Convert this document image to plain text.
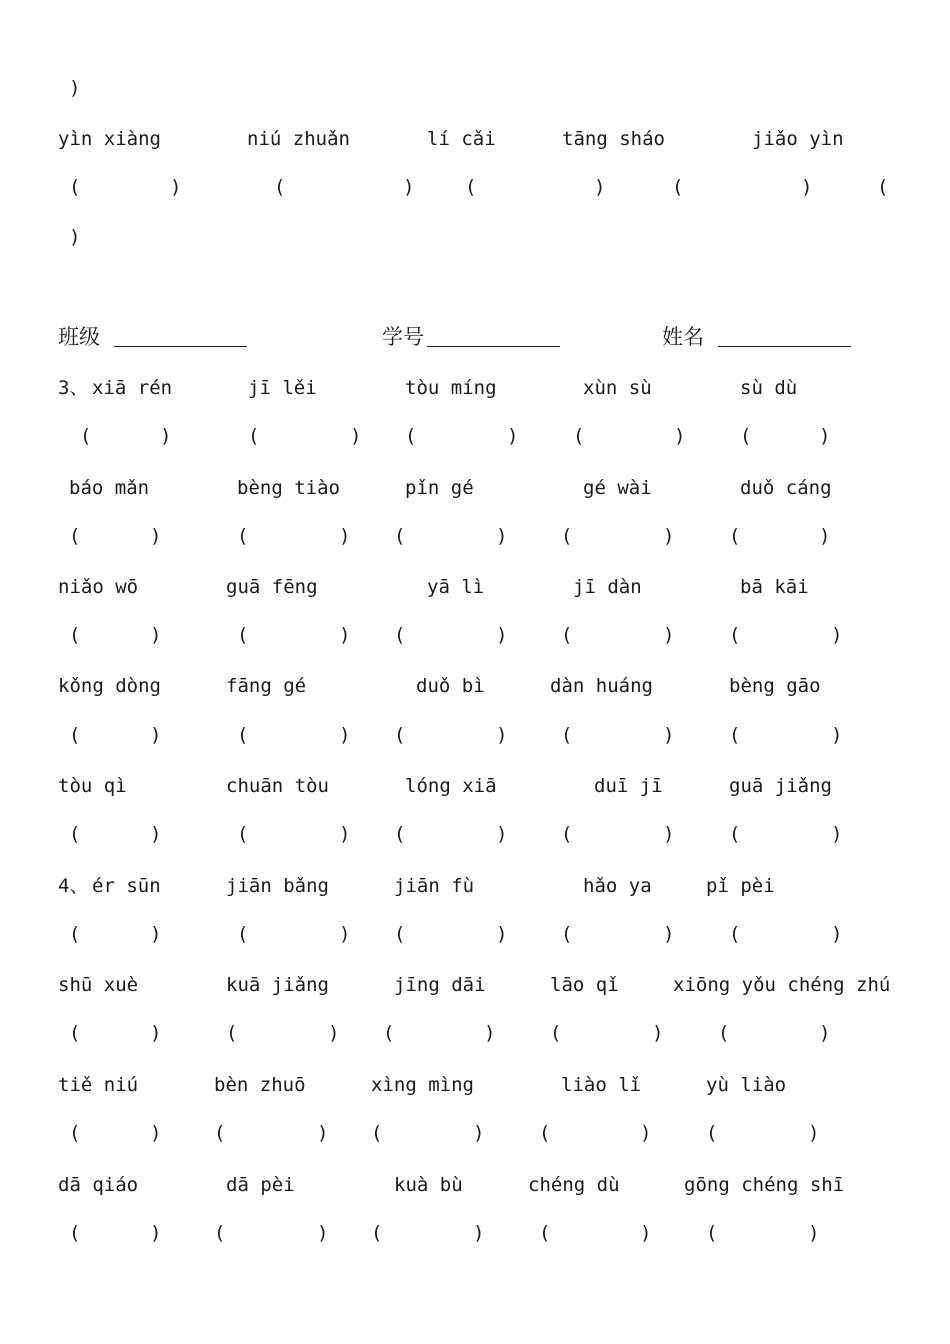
)
yìn xiàng	niú zhuǎn	lí cǎi	tāng sháo	jiǎo yìn
(	)	(	)	(	)	(	)	(
)
班级	学号	姓名
3、 xiā rén	jī lěi	tòu míng	xùn sù	sù dù
(	)	(	) (	)	(	)	(	)
báo mǎn	bèng tiào	pǐn gé	gé wài	duǒ cáng
(	)	(	) (	)	(	)	(	)
niǎo wō	guā fēng	yā lì	jī dàn	bā kāi
(	)	(	) (	)	(	)	(	)
kǒng dòng	fāng gé	duǒ bì	dàn huáng	bèng gāo
(	)	(	) (	)	(	)	(	)
tòu qì	chuān tòu	lóng xiā	duī jī	guā jiǎng
(	)	(	) (	)	(	)	(	)
4、 ér sūn	jiān bǎng	jiān fù	hǎo ya	pǐ pèi
(	)	(	) (	)	(	)	(	)
shū xuè	kuā jiǎng	jīng dāi	lāo qǐ	xiōng yǒu chéng zhú
(	)	(	) (	)	(	)	(	)
tiě niú	bèn zhuō	xìng mìng	liào lǐ	yù liào
(	)	(	) (	)	(	)	(	)
dā qiáo	dā pèi	kuà bù	chéng dù	gōng chéng shī
(	)	(	) (	)	(	)	(	)
